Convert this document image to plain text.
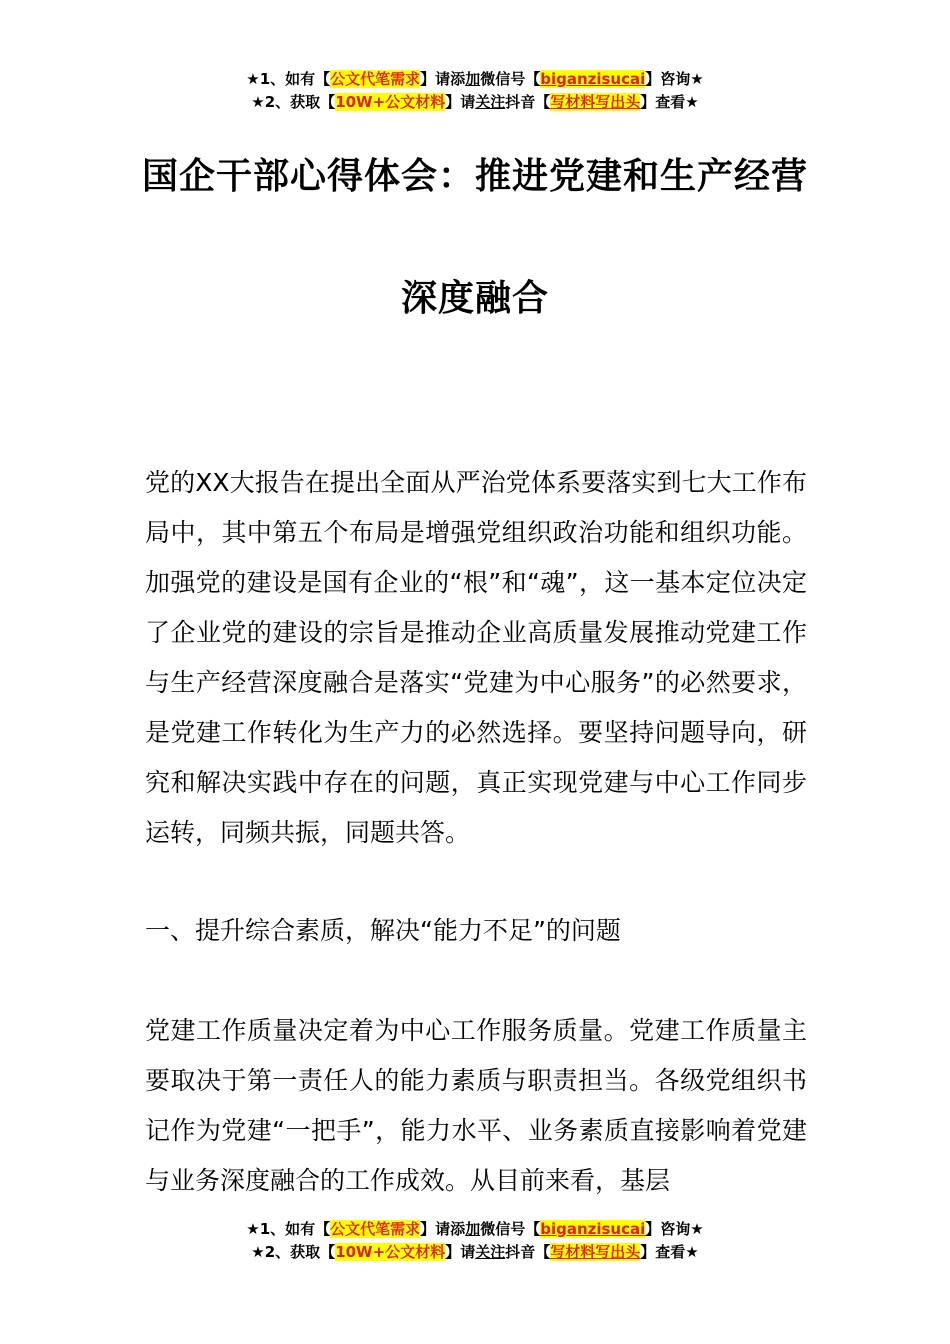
★1、如有【公文代笔需求】请添加微信号【biganzisucai】咨询★
★2、获取【10W+公文材料】请关注抖音【写材料写出头】查看★
国企干部心得体会：推进党建和生产经营
深度融合
党的XX大报告在提出全面从严治党体系要落实到七大工作布局中，其中第五个布局是增强党组织政治功能和组织功能。加强党的建设是国有企业的“根”和“魂”，这一基本定位决定了企业党的建设的宗旨是推动企业高质量发展推动党建工作与生产经营深度融合是落实“党建为中心服务”的必然要求，是党建工作转化为生产力的必然选择。要坚持问题导向，研究和解决实践中存在的问题，真正实现党建与中心工作同步运转，同频共振，同题共答。
一、提升综合素质，解决“能力不足”的问题
党建工作质量决定着为中心工作服务质量。党建工作质量主要取决于第一责任人的能力素质与职责担当。各级党组织书记作为党建“一把手”，能力水平、业务素质直接影响着党建与业务深度融合的工作成效。从目前来看，基层
★1、如有【公文代笔需求】请添加微信号【biganzisucai】咨询★
★2、获取【10W+公文材料】请关注抖音【写材料写出头】查看★
